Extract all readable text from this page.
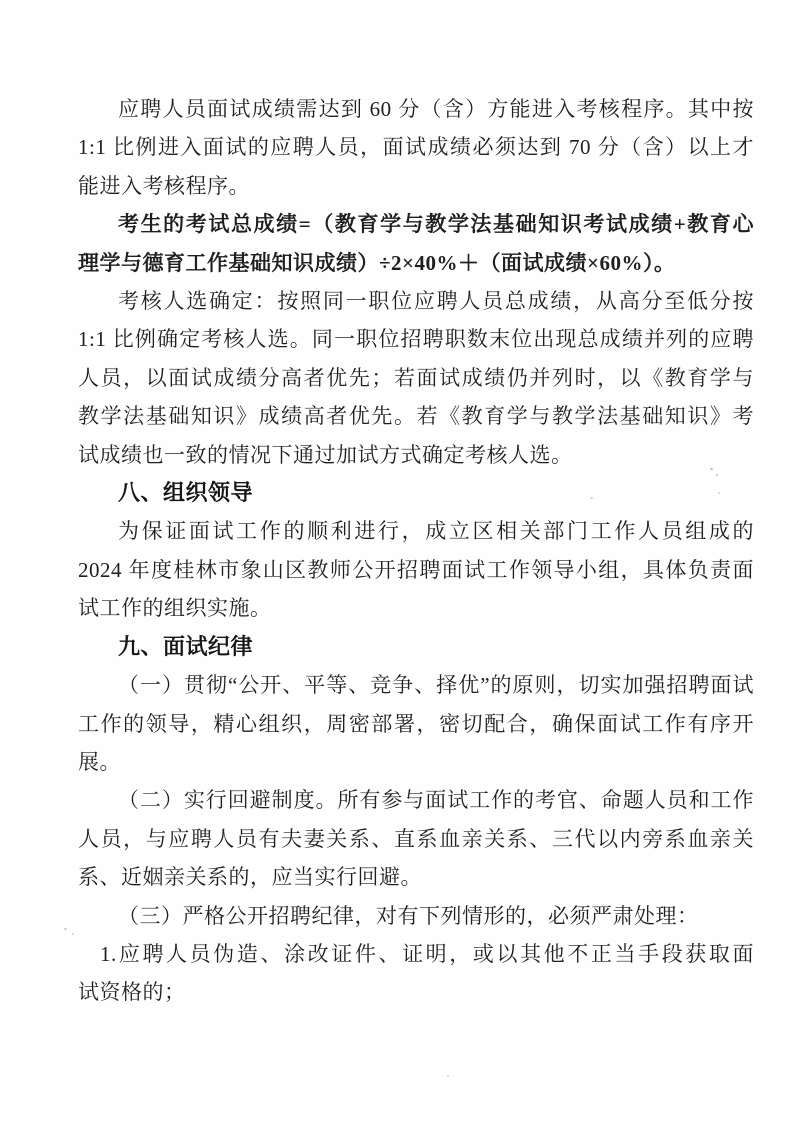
应聘人员面试成绩需达到 60 分（含）方能进入考核程序。其中按
1:1 比例进入面试的应聘人员，面试成绩必须达到 70 分（含）以上才
能进入考核程序。
考生的考试总成绩=（教育学与教学法基础知识考试成绩+教育心
理学与德育工作基础知识成绩）÷2×40%＋（面试成绩×60%）。
考核人选确定：按照同一职位应聘人员总成绩，从高分至低分按
1:1 比例确定考核人选。同一职位招聘职数末位出现总成绩并列的应聘
人员，以面试成绩分高者优先；若面试成绩仍并列时，以《教育学与
教学法基础知识》成绩高者优先。若《教育学与教学法基础知识》考
试成绩也一致的情况下通过加试方式确定考核人选。
八、组织领导
为保证面试工作的顺利进行，成立区相关部门工作人员组成的
2024 年度桂林市象山区教师公开招聘面试工作领导小组，具体负责面
试工作的组织实施。
九、面试纪律
（一）贯彻“公开、平等、竞争、择优”的原则，切实加强招聘面试
工作的领导，精心组织，周密部署，密切配合，确保面试工作有序开
展。
（二）实行回避制度。所有参与面试工作的考官、命题人员和工作
人员，与应聘人员有夫妻关系、直系血亲关系、三代以内旁系血亲关
系、近姻亲关系的，应当实行回避。
（三）严格公开招聘纪律，对有下列情形的，必须严肃处理：
1.应聘人员伪造、涂改证件、证明，或以其他不正当手段获取面
试资格的；
